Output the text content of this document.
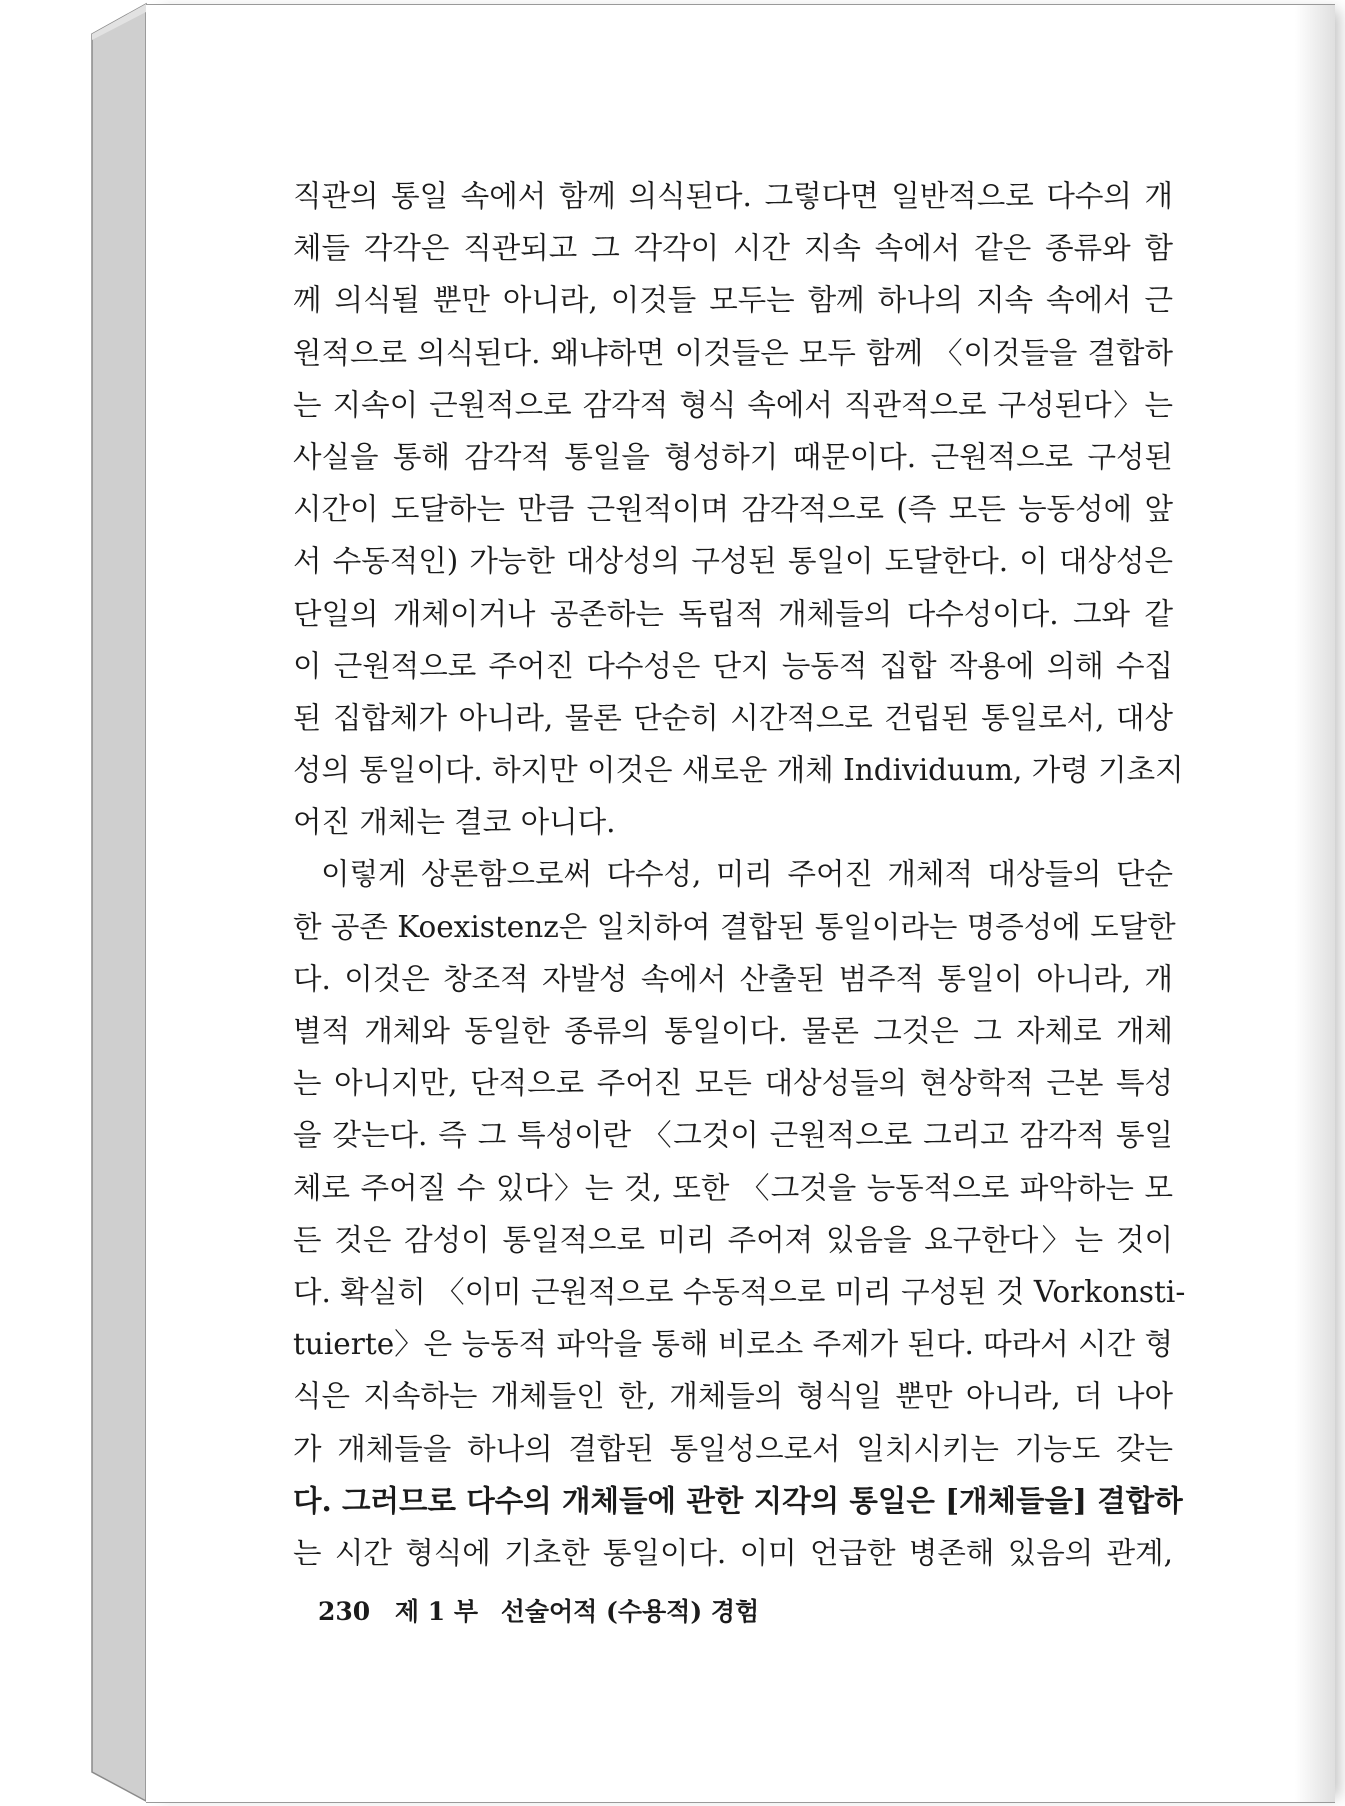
직관의 통일 속에서 함께 의식된다. 그렇다면 일반적으로 다수의 개
체들 각각은 직관되고 그 각각이 시간 지속 속에서 같은 종류와 함
께 의식될 뿐만 아니라, 이것들 모두는 함께 하나의 지속 속에서 근
원적으로 의식된다. 왜냐하면 이것들은 모두 함께 〈이것들을 결합하
는 지속이 근원적으로 감각적 형식 속에서 직관적으로 구성된다〉는
사실을 통해 감각적 통일을 형성하기 때문이다. 근원적으로 구성된
시간이 도달하는 만큼 근원적이며 감각적으로 (즉 모든 능동성에 앞
서 수동적인) 가능한 대상성의 구성된 통일이 도달한다. 이 대상성은
단일의 개체이거나 공존하는 독립적 개체들의 다수성이다. 그와 같
이 근원적으로 주어진 다수성은 단지 능동적 집합 작용에 의해 수집
된 집합체가 아니라, 물론 단순히 시간적으로 건립된 통일로서, 대상
성의 통일이다. 하지만 이것은 새로운 개체 Individuum, 가령 기초지
어진 개체는 결코 아니다.
이렇게 상론함으로써 다수성, 미리 주어진 개체적 대상들의 단순
한 공존 Koexistenz은 일치하여 결합된 통일이라는 명증성에 도달한
다. 이것은 창조적 자발성 속에서 산출된 범주적 통일이 아니라, 개
별적 개체와 동일한 종류의 통일이다. 물론 그것은 그 자체로 개체
는 아니지만, 단적으로 주어진 모든 대상성들의 현상학적 근본 특성
을 갖는다. 즉 그 특성이란 〈그것이 근원적으로 그리고 감각적 통일
체로 주어질 수 있다〉는 것, 또한 〈그것을 능동적으로 파악하는 모
든 것은 감성이 통일적으로 미리 주어져 있음을 요구한다〉는 것이
다. 확실히 〈이미 근원적으로 수동적으로 미리 구성된 것 Vorkonsti-
tuierte〉은 능동적 파악을 통해 비로소 주제가 된다. 따라서 시간 형
식은 지속하는 개체들인 한, 개체들의 형식일 뿐만 아니라, 더 나아
가 개체들을 하나의 결합된 통일성으로서 일치시키는 기능도 갖는
다. 그러므로 다수의 개체들에 관한 지각의 통일은 [개체들을] 결합하
는 시간 형식에 기초한 통일이다. 이미 언급한 병존해 있음의 관계,
230 제 1 부 선술어적 (수용적) 경험
